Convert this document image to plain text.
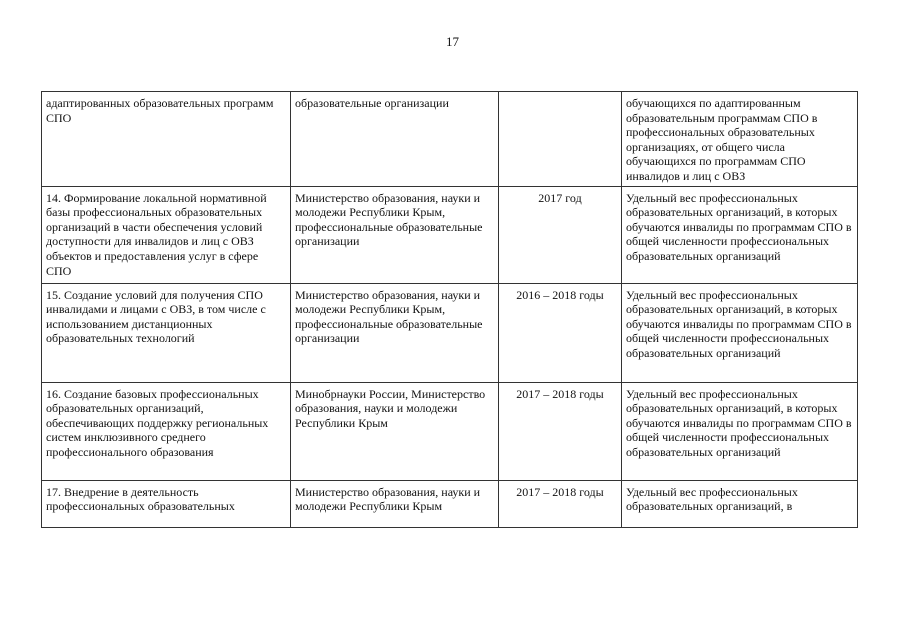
17
адаптированных образовательных программ СПО	образовательные организации		обучающихся по адаптированным образовательным программам СПО в профессиональных образовательных организациях, от общего числа обучающихся по программам СПО инвалидов и лиц с ОВЗ

14. Формирование локальной нормативной базы профессиональных образовательных организаций в части обеспечения условий доступности для инвалидов и лиц с ОВЗ объектов и предоставления услуг в сфере СПО	Министерство образования, науки и молодежи Республики Крым, профессиональные образовательные организации	2017 год	Удельный вес профессиональных образовательных организаций, в которых обучаются инвалиды по программам СПО в общей численности профессиональных образовательных организаций

15. Создание условий для получения СПО инвалидами и лицами с ОВЗ, в том числе с использованием дистанционных образовательных технологий	Министерство образования, науки и молодежи Республики Крым, профессиональные образовательные организации	2016 – 2018 годы	Удельный вес профессиональных образовательных организаций, в которых обучаются инвалиды по программам СПО в общей численности профессиональных образовательных организаций

16. Создание базовых профессиональных образовательных организаций, обеспечивающих поддержку региональных систем инклюзивного среднего профессионального образования	Минобрнауки России, Министерство образования, науки и молодежи Республики Крым	2017 – 2018 годы	Удельный вес профессиональных образовательных организаций, в которых обучаются инвалиды по программам СПО в общей численности профессиональных образовательных организаций

17. Внедрение в деятельность профессиональных образовательных	Министерство образования, науки и молодежи Республики Крым	2017 – 2018 годы	Удельный вес профессиональных образовательных организаций, в
